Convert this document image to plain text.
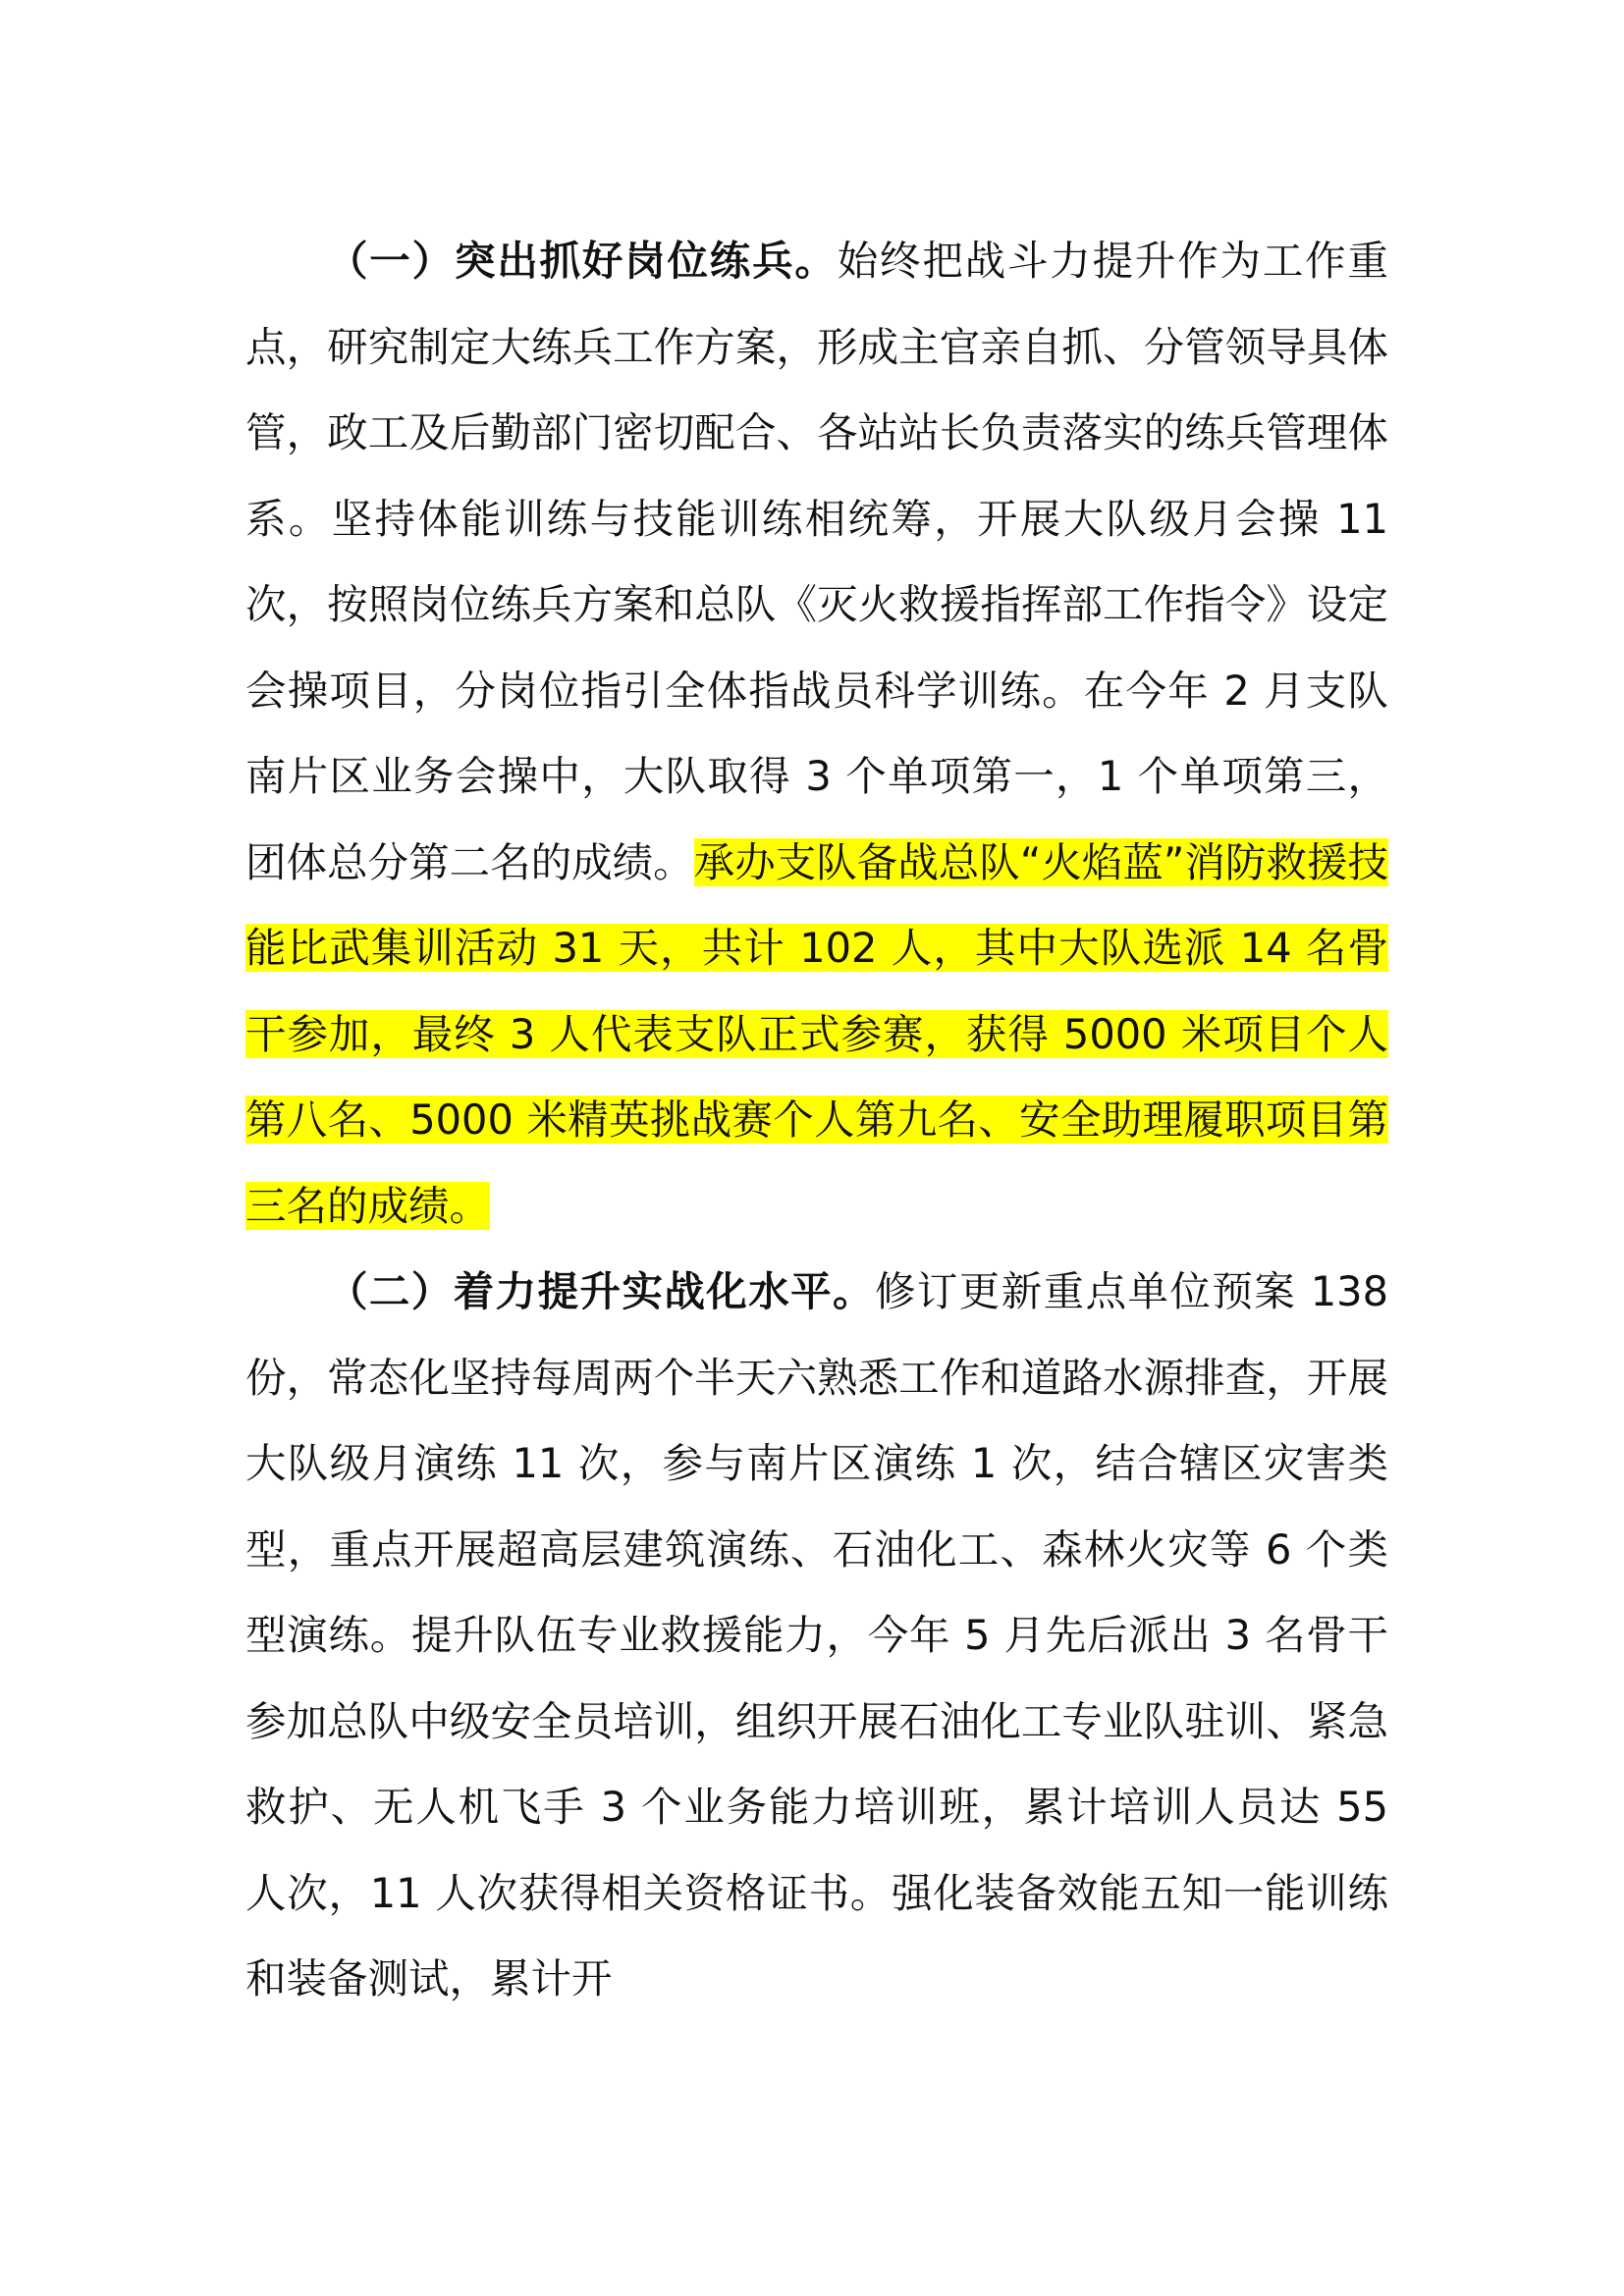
（一）突出抓好岗位练兵。始终把战斗力提升作为工作重点，研究制定大练兵工作方案，形成主官亲自抓、分管领导具体管，政工及后勤部门密切配合、各站站长负责落实的练兵管理体系。坚持体能训练与技能训练相统筹，开展大队级月会操 11 次，按照岗位练兵方案和总队《灭火救援指挥部工作指令》设定会操项目，分岗位指引全体指战员科学训练。在今年 2 月支队南片区业务会操中，大队取得 3 个单项第一，1 个单项第三，团体总分第二名的成绩。承办支队备战总队“火焰蓝”消防救援技能比武集训活动 31 天，共计 102 人，其中大队选派 14 名骨干参加，最终 3 人代表支队正式参赛，获得 5000 米项目个人第八名、5000 米精英挑战赛个人第九名、安全助理履职项目第三名的成绩。

（二）着力提升实战化水平。修订更新重点单位预案 138 份，常态化坚持每周两个半天六熟悉工作和道路水源排查，开展大队级月演练 11 次，参与南片区演练 1 次，结合辖区灾害类型，重点开展超高层建筑演练、石油化工、森林火灾等 6 个类型演练。提升队伍专业救援能力，今年 5 月先后派出 3 名骨干参加总队中级安全员培训，组织开展石油化工专业队驻训、紧急救护、无人机飞手 3 个业务能力培训班，累计培训人员达 55 人次，11 人次获得相关资格证书。强化装备效能五知一能训练和装备测试，累计开
